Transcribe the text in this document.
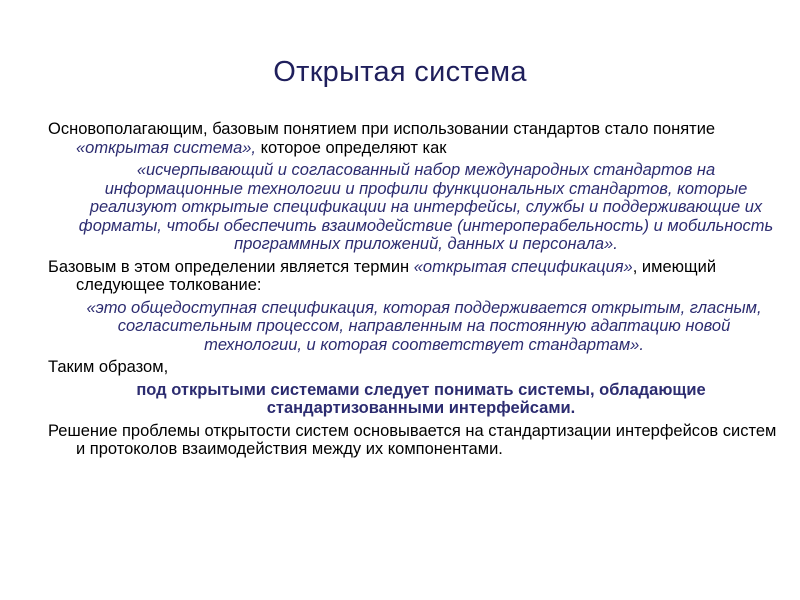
Открытая система

Основополагающим, базовым понятием при использовании стандартов стало понятие «открытая система», которое определяют как

«исчерпывающий и согласованный набор международных стандартов на информационные технологии и профили функциональных стандартов, которые реализуют открытые спецификации на интерфейсы, службы и поддерживающие их форматы, чтобы обеспечить взаимодействие (интероперабельность) и мобильность программных приложений, данных и персонала».

Базовым в этом определении является термин «открытая спецификация», имеющий следующее толкование:

«это общедоступная спецификация, которая поддерживается открытым, гласным, согласительным процессом, направленным на постоянную адаптацию новой технологии, и которая соответствует стандартам».

Таким образом,

под открытыми системами следует понимать системы, обладающие стандартизованными интерфейсами.

Решение проблемы открытости систем основывается на стандартизации интерфейсов систем и протоколов взаимодействия между их компонентами.
